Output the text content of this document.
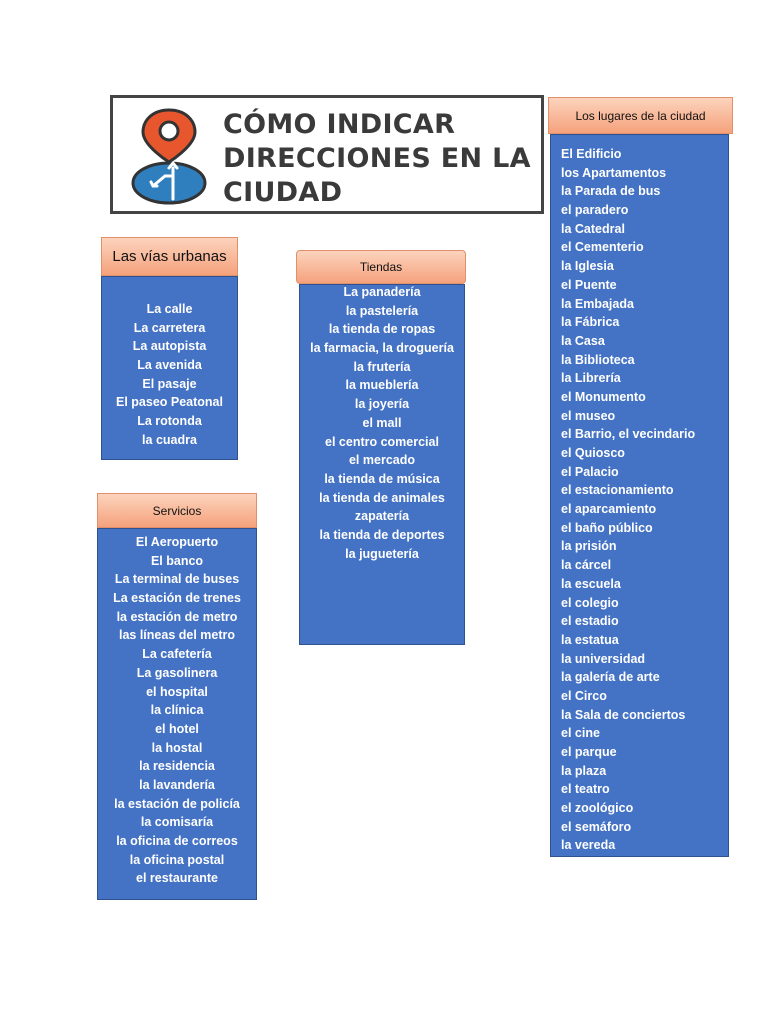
CÓMO INDICAR
DIRECCIONES EN LA
CIUDAD
Las vías urbanas
La calle
La carretera
La autopista
La avenida
El pasaje
El paseo Peatonal
La rotonda
la cuadra
Tiendas
La panadería
la pastelería
la tienda de ropas
la farmacia, la droguería
la frutería
la mueblería
la joyería
el mall
el centro comercial
el mercado
la tienda de música
la tienda de animales
zapatería
la tienda de deportes
la juguetería
Servicios
El Aeropuerto
El banco
La terminal de buses
La estación de trenes
la estación de metro
las líneas del metro
La cafetería
La gasolinera
el hospital
la clínica
el hotel
la hostal
la residencia
la lavandería
la estación de policía
la comisaría
la oficina de correos
la oficina postal
el restaurante
Los lugares de la ciudad
El Edificio
los Apartamentos
la Parada de bus
el paradero
la Catedral
el Cementerio
la Iglesia
el Puente
la Embajada
la Fábrica
la Casa
la Biblioteca
la Librería
el Monumento
el museo
el Barrio, el vecindario
el Quiosco
el Palacio
el estacionamiento
el aparcamiento
el baño público
la prisión
la cárcel
la escuela
el colegio
el estadio
la estatua
la universidad
la galería de arte
el Circo
la Sala de conciertos
el cine
el parque
la plaza
el teatro
el zoológico
el semáforo
la vereda
